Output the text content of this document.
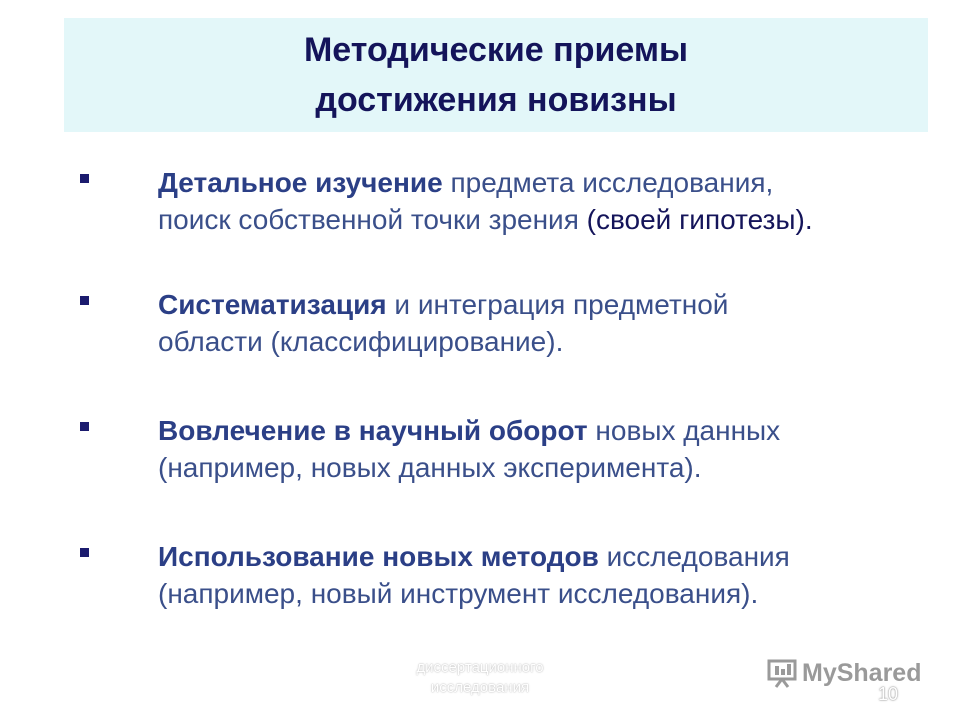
Методические приемы
достижения новизны
Детальное изучение предмета исследования,
поиск собственной точки зрения (своей гипотезы).
Систематизация и интеграция предметной
области (классифицирование).
Вовлечение в научный оборот новых данных
(например, новых данных эксперимента).
Использование новых методов исследования
(например, новый инструмент исследования).
диссертационного
исследования
MyShared
10
